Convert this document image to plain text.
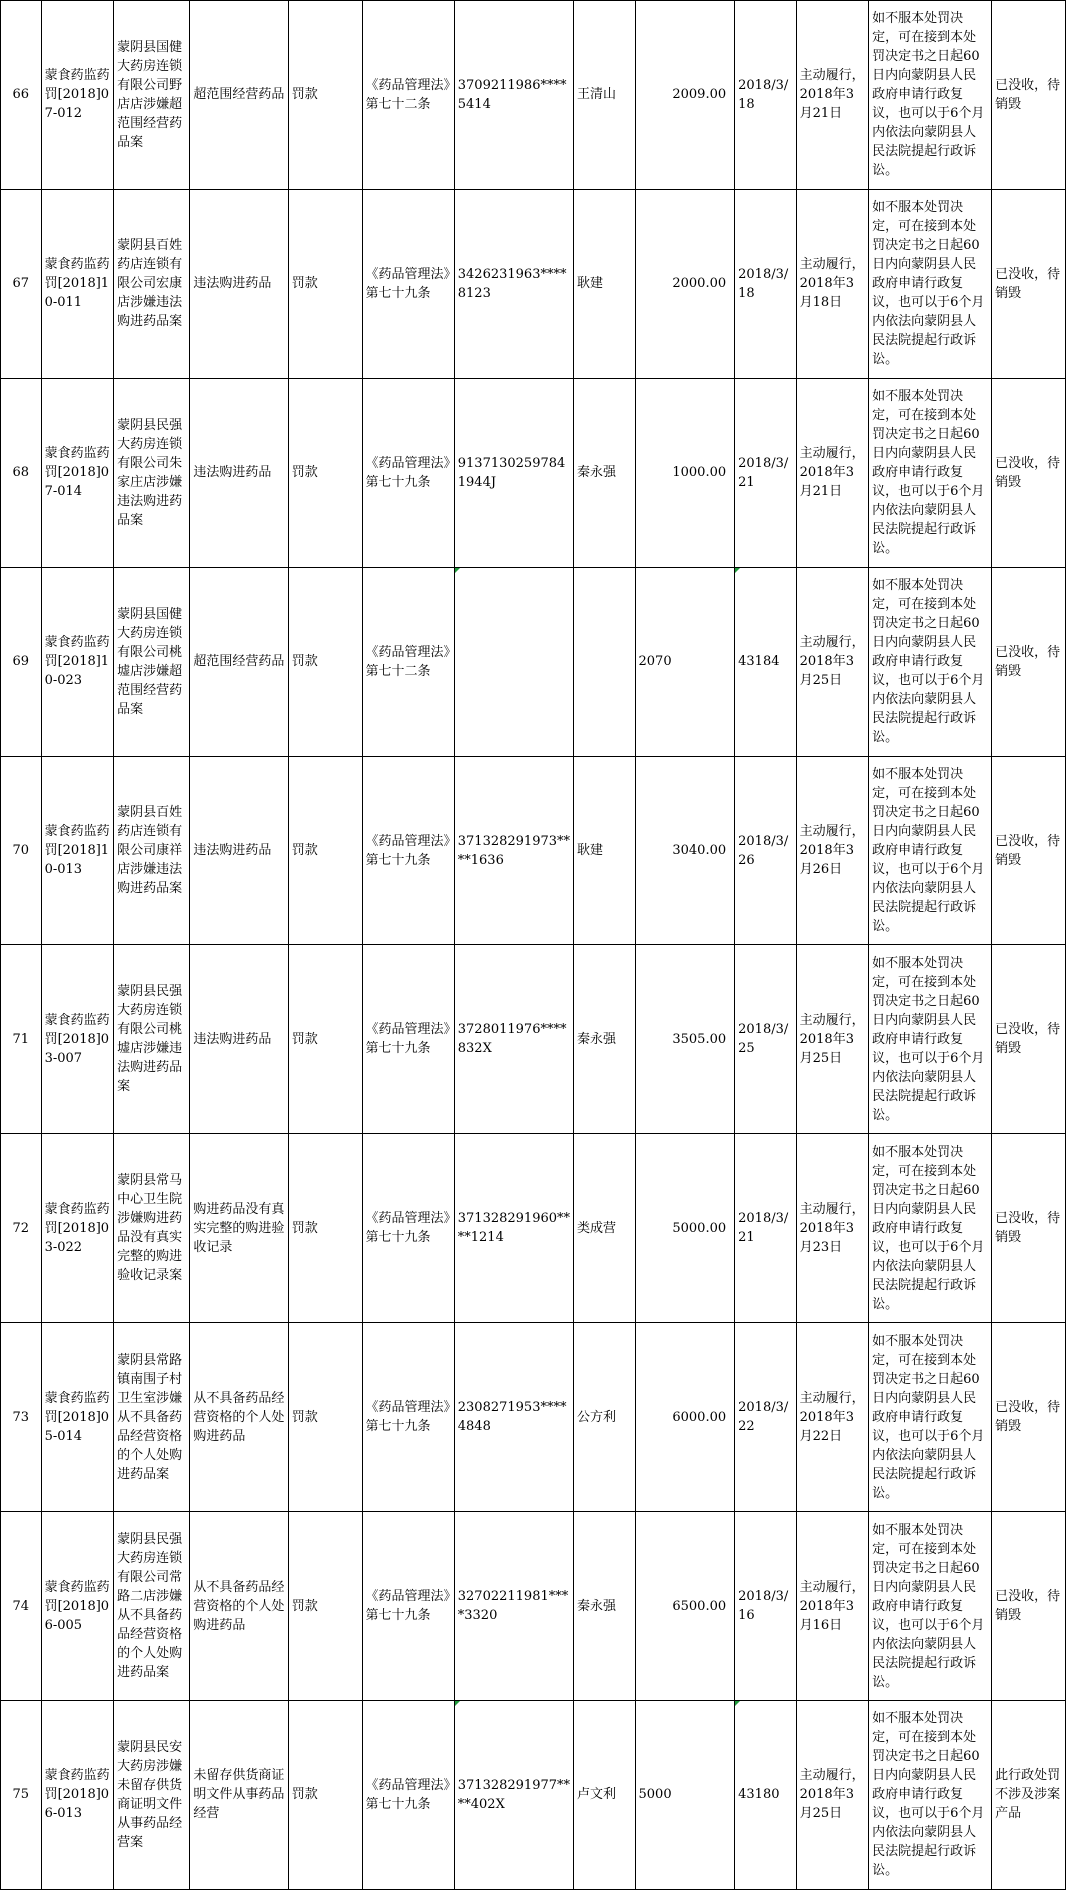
66	蒙食药监药罚[2018]07-012	蒙阴县国健大药房连锁有限公司野店店涉嫌超范围经营药品案	超范围经营药品	罚款	《药品管理法》第七十二条	3709211986****5414	王清山	2009.00	2018/3/18	主动履行，2018年3月21日	如不服本处罚决定，可在接到本处罚决定书之日起60日内向蒙阴县人民政府申请行政复议，也可以于6个月内依法向蒙阴县人民法院提起行政诉讼。	已没收，待销毁
67	蒙食药监药罚[2018]10-011	蒙阴县百姓药店连锁有限公司宏康店涉嫌违法购进药品案	违法购进药品	罚款	《药品管理法》第七十九条	3426231963****8123	耿建	2000.00	2018/3/18	主动履行，2018年3月18日	如不服本处罚决定，可在接到本处罚决定书之日起60日内向蒙阴县人民政府申请行政复议，也可以于6个月内依法向蒙阴县人民法院提起行政诉讼。	已没收，待销毁
68	蒙食药监药罚[2018]07-014	蒙阴县民强大药房连锁有限公司朱家庄店涉嫌违法购进药品案	违法购进药品	罚款	《药品管理法》第七十九条	91371302597841944J	秦永强	1000.00	2018/3/21	主动履行，2018年3月21日	如不服本处罚决定，可在接到本处罚决定书之日起60日内向蒙阴县人民政府申请行政复议，也可以于6个月内依法向蒙阴县人民法院提起行政诉讼。	已没收，待销毁
69	蒙食药监药罚[2018]10-023	蒙阴县国健大药房连锁有限公司桃墟店涉嫌超范围经营药品案	超范围经营药品	罚款	《药品管理法》第七十二条			2070	43184	主动履行，2018年3月25日	如不服本处罚决定，可在接到本处罚决定书之日起60日内向蒙阴县人民政府申请行政复议，也可以于6个月内依法向蒙阴县人民法院提起行政诉讼。	已没收，待销毁
70	蒙食药监药罚[2018]10-013	蒙阴县百姓药店连锁有限公司康祥店涉嫌违法购进药品案	违法购进药品	罚款	《药品管理法》第七十九条	371328291973****1636	耿建	3040.00	2018/3/26	主动履行，2018年3月26日	如不服本处罚决定，可在接到本处罚决定书之日起60日内向蒙阴县人民政府申请行政复议，也可以于6个月内依法向蒙阴县人民法院提起行政诉讼。	已没收，待销毁
71	蒙食药监药罚[2018]03-007	蒙阴县民强大药房连锁有限公司桃墟店涉嫌违法购进药品案	违法购进药品	罚款	《药品管理法》第七十九条	3728011976****832X	秦永强	3505.00	2018/3/25	主动履行，2018年3月25日	如不服本处罚决定，可在接到本处罚决定书之日起60日内向蒙阴县人民政府申请行政复议，也可以于6个月内依法向蒙阴县人民法院提起行政诉讼。	已没收，待销毁
72	蒙食药监药罚[2018]03-022	蒙阴县常马中心卫生院涉嫌购进药品没有真实完整的购进验收记录案	购进药品没有真实完整的购进验收记录	罚款	《药品管理法》第七十九条	371328291960****1214	类成营	5000.00	2018/3/21	主动履行，2018年3月23日	如不服本处罚决定，可在接到本处罚决定书之日起60日内向蒙阴县人民政府申请行政复议，也可以于6个月内依法向蒙阴县人民法院提起行政诉讼。	已没收，待销毁
73	蒙食药监药罚[2018]05-014	蒙阴县常路镇南围子村卫生室涉嫌从不具备药品经营资格的个人处购进药品案	从不具备药品经营资格的个人处购进药品	罚款	《药品管理法》第七十九条	2308271953****4848	公方利	6000.00	2018/3/22	主动履行，2018年3月22日	如不服本处罚决定，可在接到本处罚决定书之日起60日内向蒙阴县人民政府申请行政复议，也可以于6个月内依法向蒙阴县人民法院提起行政诉讼。	已没收，待销毁
74	蒙食药监药罚[2018]06-005	蒙阴县民强大药房连锁有限公司常路二店涉嫌从不具备药品经营资格的个人处购进药品案	从不具备药品经营资格的个人处购进药品	罚款	《药品管理法》第七十九条	32702211981****3320	秦永强	6500.00	2018/3/16	主动履行，2018年3月16日	如不服本处罚决定，可在接到本处罚决定书之日起60日内向蒙阴县人民政府申请行政复议，也可以于6个月内依法向蒙阴县人民法院提起行政诉讼。	已没收，待销毁
75	蒙食药监药罚[2018]06-013	蒙阴县民安大药房涉嫌未留存供货商证明文件从事药品经营案	未留存供货商证明文件从事药品经营	罚款	《药品管理法》第七十九条	371328291977****402X	卢文利	5000	43180	主动履行，2018年3月25日	如不服本处罚决定，可在接到本处罚决定书之日起60日内向蒙阴县人民政府申请行政复议，也可以于6个月内依法向蒙阴县人民法院提起行政诉讼。	此行政处罚不涉及涉案产品
